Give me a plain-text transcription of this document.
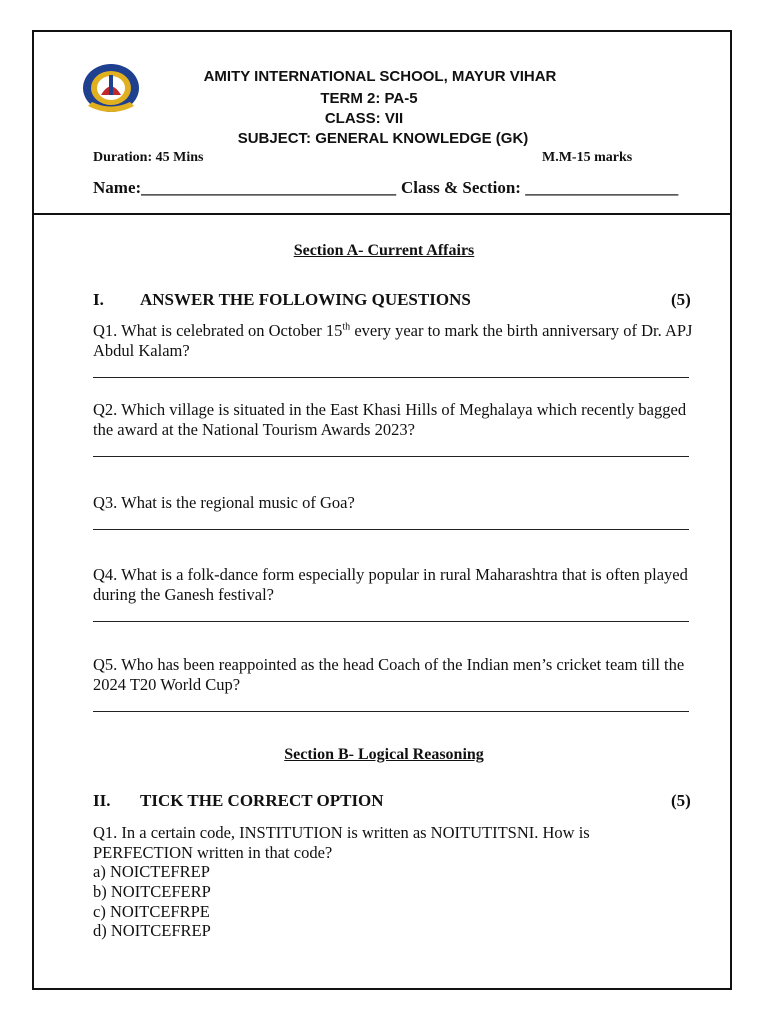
AMITY INTERNATIONAL SCHOOL, MAYUR VIHAR
TERM 2: PA-5
CLASS: VII
SUBJECT: GENERAL KNOWLEDGE (GK)
Duration: 45 Mins	M.M-15 marks
Name:______________________________ Class & Section: __________________
Section A- Current Affairs
I. ANSWER THE FOLLOWING QUESTIONS	(5)
Q1. What is celebrated on October 15th every year to mark the birth anniversary of Dr. APJ Abdul Kalam?
Q2. Which village is situated in the East Khasi Hills of Meghalaya which recently bagged the award at the National Tourism Awards 2023?
Q3. What is the regional music of Goa?
Q4. What is a folk-dance form especially popular in rural Maharashtra that is often played during the Ganesh festival?
Q5. Who has been reappointed as the head Coach of the Indian men’s cricket team till the 2024 T20 World Cup?
Section B- Logical Reasoning
II. TICK THE CORRECT OPTION	(5)
Q1. In a certain code, INSTITUTION is written as NOITUTITSNI. How is PERFECTION written in that code?
a) NOICTEFREP
b) NOITCEFERP
c) NOITCEFRPE
d) NOITCEFREP
